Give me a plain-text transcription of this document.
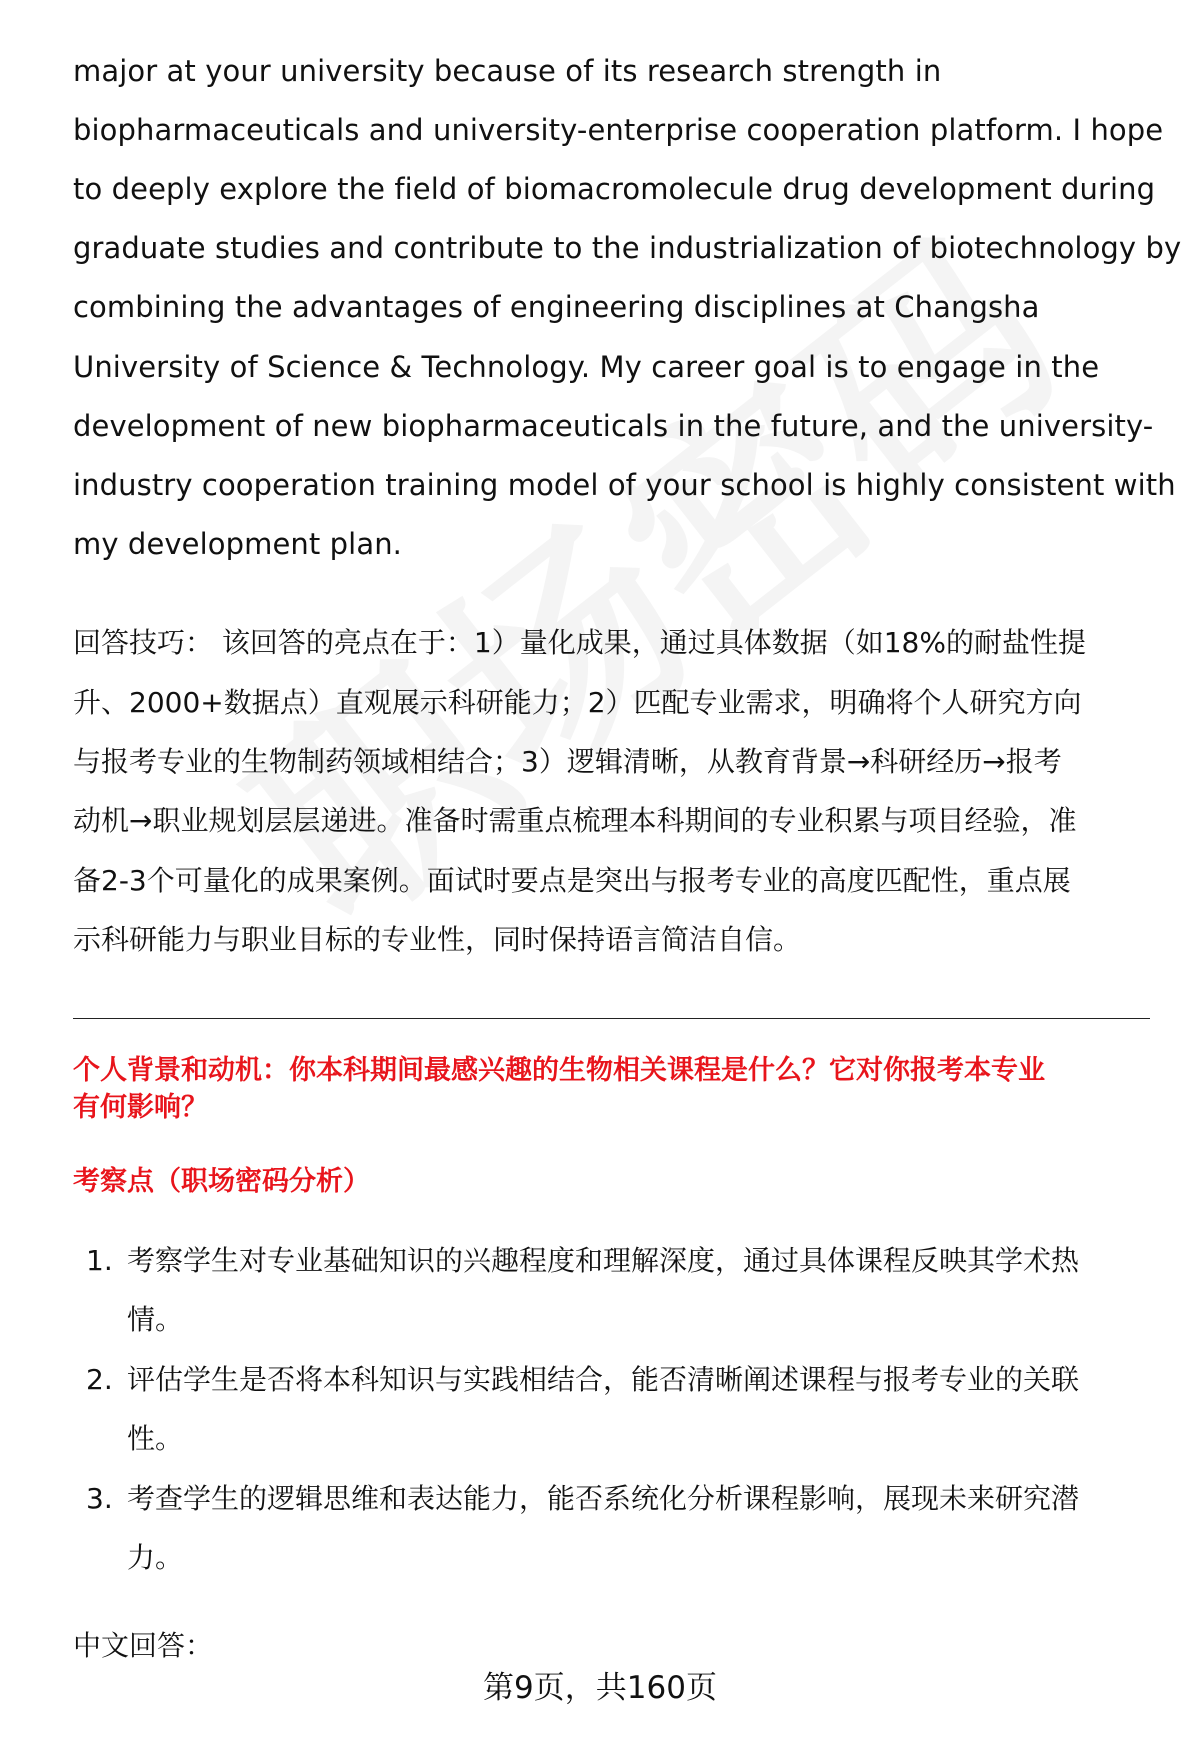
major at your university because of its research strength in
biopharmaceuticals and university-enterprise cooperation platform. I hope
to deeply explore the field of biomacromolecule drug development during
graduate studies and contribute to the industrialization of biotechnology by
combining the advantages of engineering disciplines at Changsha
University of Science & Technology. My career goal is to engage in the
development of new biopharmaceuticals in the future, and the university-
industry cooperation training model of your school is highly consistent with
my development plan.
回答技巧： 该回答的亮点在于：1）量化成果，通过具体数据（如18%的耐盐性提
升、2000+数据点）直观展示科研能力；2）匹配专业需求，明确将个人研究方向
与报考专业的生物制药领域相结合；3）逻辑清晰，从教育背景→科研经历→报考
动机→职业规划层层递进。准备时需重点梳理本科期间的专业积累与项目经验，准
备2-3个可量化的成果案例。面试时要点是突出与报考专业的高度匹配性，重点展
示科研能力与职业目标的专业性，同时保持语言简洁自信。
个人背景和动机：你本科期间最感兴趣的生物相关课程是什么？它对你报考本专业
有何影响？
考察点（职场密码分析）
1. 考察学生对专业基础知识的兴趣程度和理解深度，通过具体课程反映其学术热
情。
2. 评估学生是否将本科知识与实践相结合，能否清晰阐述课程与报考专业的关联
性。
3. 考查学生的逻辑思维和表达能力，能否系统化分析课程影响，展现未来研究潜
力。
中文回答：
第9页，共160页
